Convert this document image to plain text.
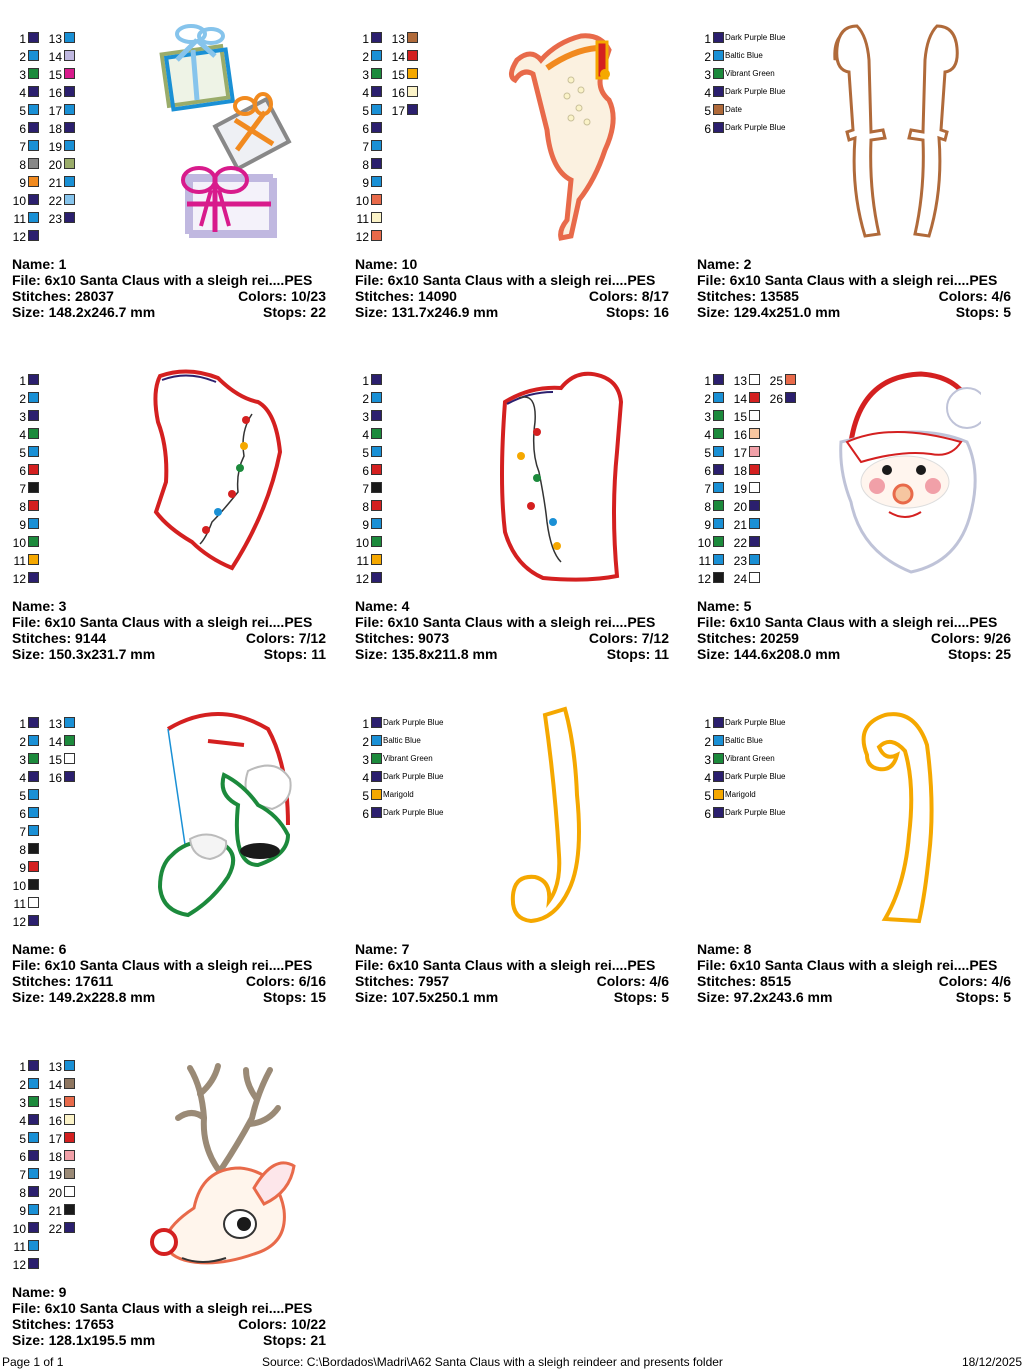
1 13
2 14
3 15
4 16
5 17
6 18
7 19
8 20
9 21
10 22
11 23
12
Name: 1
File: 6x10 Santa Claus with a sleigh rei....PES
Stitches: 28037	Colors: 10/23
Size: 148.2x246.7 mm	Stops: 22
1 13
2 14
3 15
4 16
5 17
6
7
8
9
10
11
12
Name: 10
File: 6x10 Santa Claus with a sleigh rei....PES
Stitches: 14090	Colors: 8/17
Size: 131.7x246.9 mm	Stops: 16
1 Dark Purple Blue
2 Baltic Blue
3 Vibrant Green
4 Dark Purple Blue
5 Date
6 Dark Purple Blue
Name: 2
File: 6x10 Santa Claus with a sleigh rei....PES
Stitches: 13585	Colors: 4/6
Size: 129.4x251.0 mm	Stops: 5
1
2
3
4
5
6
7
8
9
10
11
12
Name: 3
File: 6x10 Santa Claus with a sleigh rei....PES
Stitches: 9144	Colors: 7/12
Size: 150.3x231.7 mm	Stops: 11
1
2
3
4
5
6
7
8
9
10
11
12
Name: 4
File: 6x10 Santa Claus with a sleigh rei....PES
Stitches: 9073	Colors: 7/12
Size: 135.8x211.8 mm	Stops: 11
1 13 25
2 14 26
3 15
4 16
5 17
6 18
7 19
8 20
9 21
10 22
11 23
12 24
Name: 5
File: 6x10 Santa Claus with a sleigh rei....PES
Stitches: 20259	Colors: 9/26
Size: 144.6x208.0 mm	Stops: 25
1 13
2 14
3 15
4 16
5
6
7
8
9
10
11
12
Name: 6
File: 6x10 Santa Claus with a sleigh rei....PES
Stitches: 17611	Colors: 6/16
Size: 149.2x228.8 mm	Stops: 15
1 Dark Purple Blue
2 Baltic Blue
3 Vibrant Green
4 Dark Purple Blue
5 Marigold
6 Dark Purple Blue
Name: 7
File: 6x10 Santa Claus with a sleigh rei....PES
Stitches: 7957	Colors: 4/6
Size: 107.5x250.1 mm	Stops: 5
1 Dark Purple Blue
2 Baltic Blue
3 Vibrant Green
4 Dark Purple Blue
5 Marigold
6 Dark Purple Blue
Name: 8
File: 6x10 Santa Claus with a sleigh rei....PES
Stitches: 8515	Colors: 4/6
Size: 97.2x243.6 mm	Stops: 5
1 13
2 14
3 15
4 16
5 17
6 18
7 19
8 20
9 21
10 22
11
12
Name: 9
File: 6x10 Santa Claus with a sleigh rei....PES
Stitches: 17653	Colors: 10/22
Size: 128.1x195.5 mm	Stops: 21
Page 1 of 1	Source: C:\Bordados\Madri\A62 Santa Claus with a sleigh reindeer and presents folder	18/12/2025
